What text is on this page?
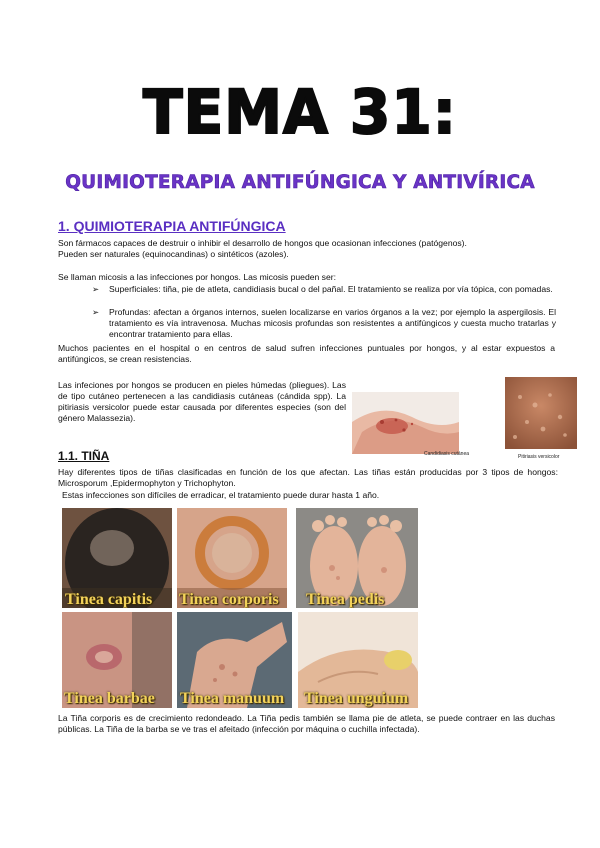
TEMA 31:
QUIMIOTERAPIA ANTIFÚNGICA Y ANTIVÍRICA
1. QUIMIOTERAPIA ANTIFÚNGICA
Son fármacos capaces de destruir o inhibir el desarrollo de hongos que ocasionan infecciones (patógenos).
Pueden ser naturales (equinocandinas) o sintéticos (azoles).
Se llaman micosis a las infecciones por hongos. Las micosis pueden ser:
➢	Superficiales: tiña, pie de atleta, candidiasis bucal o del pañal. El tratamiento se realiza por vía tópica, con pomadas.
➢	Profundas: afectan a órganos internos, suelen localizarse en varios órganos a la vez; por ejemplo la aspergilosis. El tratamiento es vía intravenosa. Muchas micosis profundas son resistentes a antifúngicos y cuesta mucho tratarlas y encontrar tratamiento para ellas.
Muchos pacientes en el hospital o en centros de salud sufren infecciones puntuales por hongos, y al estar expuestos a antifúngicos, se crean resistencias.
Las infeciones por hongos se producen en pieles húmedas (pliegues). Las de tipo cutáneo pertenecen a las candidiasis cutáneas (cándida spp). La pitiriasis versicolor puede estar causada por diferentes especies (son del género Malassezia).
Candidiasis cutánea	Pitiriasis versicolor
1.1. TIÑA
Hay diferentes tipos de tiñas clasificadas en función de los que afectan. Las tiñas están producidas por 3 tipos de hongos: Microsporum ,Epidermophyton y Trichophyton.
Estas infecciones son difíciles de erradicar, el tratamiento puede durar hasta 1 año.
Tinea capitis Tinea corporis Tinea pedis
Tinea barbae Tinea manuum Tinea unguium
La Tiña corporis es de crecimiento redondeado. La Tiña pedis también se llama pie de atleta, se puede contraer en las duchas públicas. La Tiña de la barba se ve tras el afeitado (infección por máquina o cuchilla infectada).
